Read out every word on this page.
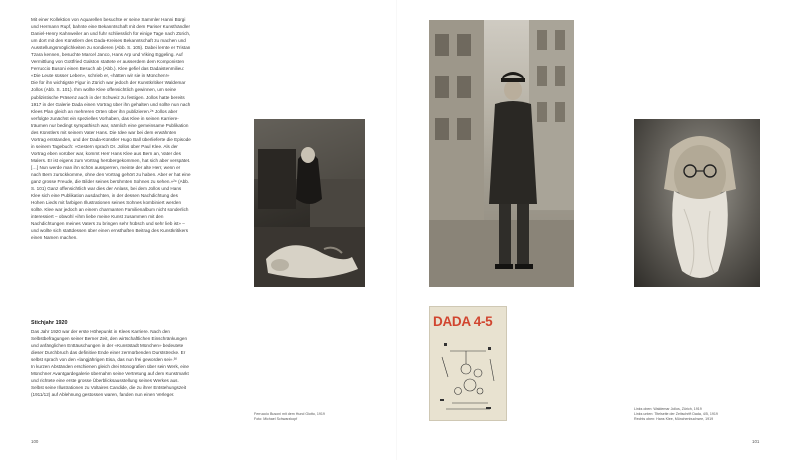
Mit einer Kollektion von Aquarellen besuchte er seine Sammler Hanni Bürgi und Hermann Rupf, bahnte eine Bekanntschaft mit dem Pariser Kunsthändler Daniel-Henry Kahnweiler an und fuhr schliesslich für einige Tage nach Zürich, um dort mit den Künstlern des Dada-Kreises Bekanntschaft zu machen und Ausstellungsmöglichkeiten zu sondieren (Abb. S. 105). Dabei lernte er Tristan Tzara kennen, besuchte Marcel Janco, Hans Arp und Viking Eggeling. Auf Vermittlung von Gottfried Galston stattete er ausserdem dem Komponisten Ferruccio Busoni einen Besuch ab (Abb.). Klee gefiel das Dadaistenmilieu: «Die Leute süsser Leben», schrieb er, «hätten wir sie in München!»

Die für ihn wichtigste Figur in Zürich war jedoch der Kunstkritiker Waldemar Jollos (Abb. S. 101). Ihm wollte Klee offensichtlich gewinnen, um seine publizistische Präsenz auch in der Schweiz zu festigen. Jollos hatte bereits 1917 in der Galerie Dada einen Vortrag über ihn gehalten und sollte nun nach Klees Plan gleich an mehreren Orten über ihn publizieren.²⁸ Jollos aber verfolgte zunächst ein spezielles Vorhaben, das Klee in seinen Karriere-träumen nur bedingt sympathisch war, nämlich eine gemeinsame Publikation des Künstlers mit seinem Vater Hans. Die Idee war bei dem erwähnten Vortrag entstanden, und der Dada-Künstler Hugo Ball überlieferte die Episode in seinem Tagebuch: «Gestern sprach Dr. Jollos über Paul Klee. Als der Vortrag eben vorüber war, kommt Herr Hans Klee aus Bern an, Vater des Malers. Er ist eigens zum Vortrag herübergekommen, hat sich aber verspätet. […] Nun werde man ihn schön aussperren, meinte der alte Herr, wenn er nach Bern zurückkomme, ohne den Vortrag gehört zu haben. Aber er hat eine ganz grosse Freude, die Bilder seines berühmten Sohnes zu sehen.»²⁹ (Abb. S. 101) Ganz offensichtlich war dies der Anlass, bei dem Jollos und Hans Klee sich eine Publikation ausdachten, in der dessen Nachdichtung des Hohen Lieds mit farbigen Illustrationen seines Sohnes kombiniert werden sollte. Klee war jedoch an einem charmanten Familienalbum nicht sonderlich interessiert – obwohl «ihm liebe meine Kunst zusammen mit den Nachdichtungen meines Vaters zu bringen sehr hübsch und sehr lieb ist» – und wollte sich stattdessen über einen ernsthaften Beitrag des Kunstkritikers einen Namen machen.

Stichjahr 1920

Das Jahr 1920 war der erste Höhepunkt in Klees Karriere. Nach den Selbstbefragungen seiner Berner Zeit, den wirtschaftlichen Einschränkungen und anfänglichen Enttäuschungen in der «Kunststadt München» bedeutete dieser Durchbruch das definitive Ende einer zermürbenden Durststrecke. Er selbst sprach von den «langjährigen Eisa, das nun frei geworden sei».³⁰

In kurzen Abständen erschienen gleich drei Monografien über sein Werk, eine Münchner Avantgardegalerie übernahm seine Vertretung auf dem Kunstmarkt und richtete eine erste grosse Überblicksausstellung seines Werkes aus. Selbst seine Illustrationen zu Voltaires Candide, die zu ihrer Entstehungszeit (1911/12) auf Ablehnung gestossen waren, fanden nun einen Verleger.

100
Ferruccio Busoni mit dem Hund Giotto, 1919
Foto: Michael Schwarzkopf
Links oben: Waldemar Jollos, Zürich, 1919
Links unten: Titelseite der Zeitschrift Dada, 4/5, 1919
Rechts oben: Hans Klee, Münchenbuchsee, 1919
DADA 4-5
101
